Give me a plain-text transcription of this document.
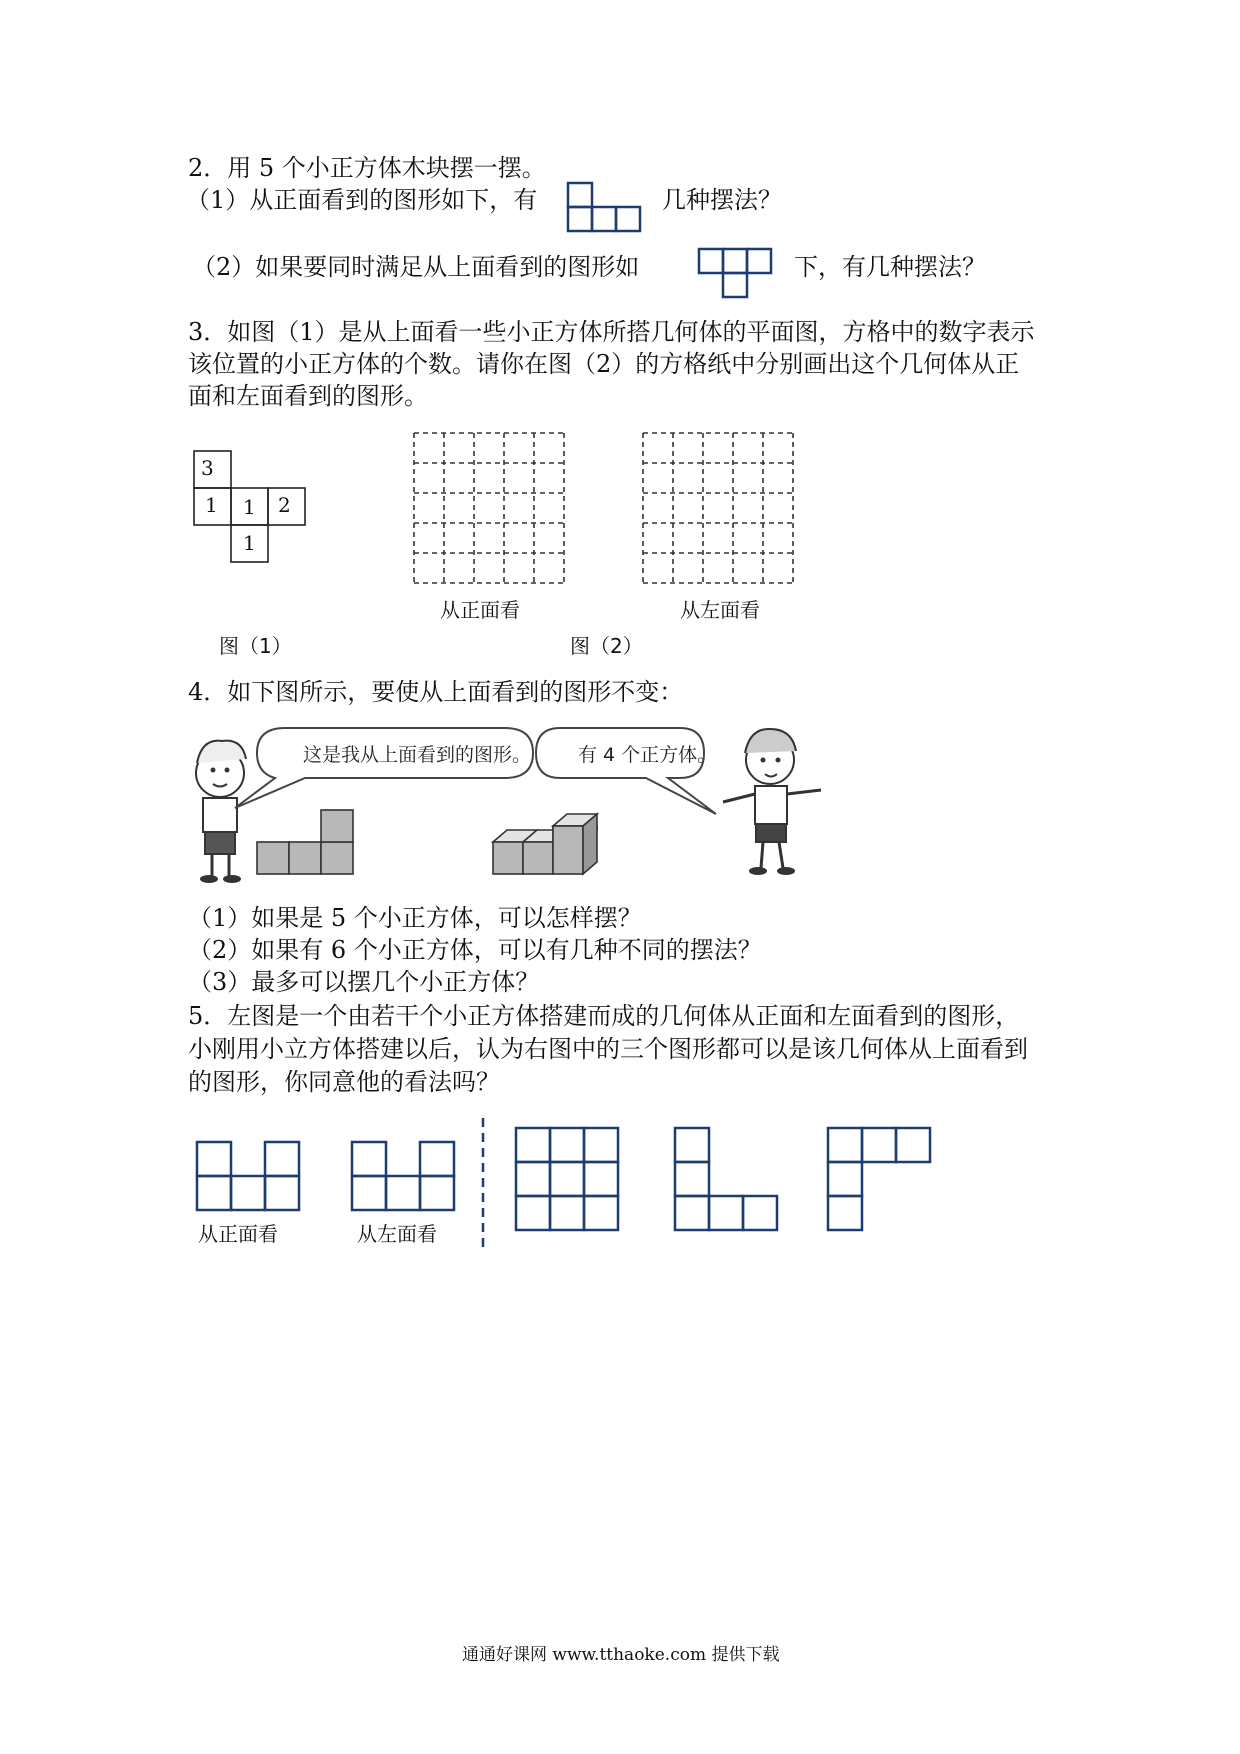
2．用 5 个小正方体木块摆一摆。
（1）从正面看到的图形如下，有	几种摆法？
（2）如果要同时满足从上面看到的图形如	下，有几种摆法？
3．如图（1）是从上面看一些小正方体所搭几何体的平面图，方格中的数字表示
该位置的小正方体的个数。请你在图（2）的方格纸中分别画出这个几何体从正
面和左面看到的图形。
3
1 1 2
1
从正面看	从左面看
图（1）	图（2）
4．如下图所示，要使从上面看到的图形不变：
这是我从上面看到的图形。 有 4 个正方体。
（1）如果是 5 个小正方体，可以怎样摆？
（2）如果有 6 个小正方体，可以有几种不同的摆法？
（3）最多可以摆几个小正方体？
5．左图是一个由若干个小正方体搭建而成的几何体从正面和左面看到的图形，
小刚用小立方体搭建以后，认为右图中的三个图形都可以是该几何体从上面看到
的图形，你同意他的看法吗？
从正面看	从左面看
通通好课网 www.tthaoke.com 提供下载
